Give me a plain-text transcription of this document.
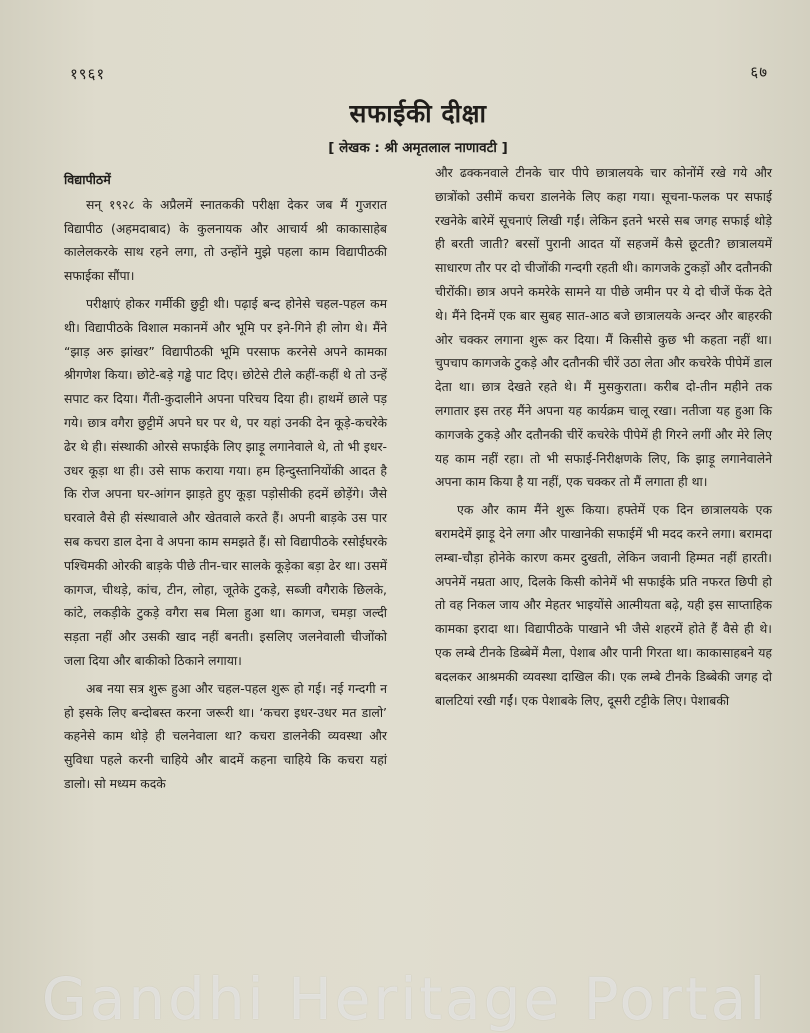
१९६१	६७
सफाईकी दीक्षा
[ लेखक : श्री अमृतलाल नाणावटी ]

विद्यापीठमें

सन् १९२८ के अप्रैलमें स्नातककी परीक्षा देकर जब मैं गुजरात विद्यापीठ (अहमदाबाद) के कुलनायक और आचार्य श्री काकासाहेब कालेलकरके साथ रहने लगा, तो उन्होंने मुझे पहला काम विद्यापीठकी सफाईका सौंपा।

परीक्षाएं होकर गर्मीकी छुट्टी थी। पढ़ाई बन्द होनेसे चहल-पहल कम थी। विद्यापीठके विशाल मकानमें और भूमि पर इने-गिने ही लोग थे। मैंने “झाड़ अरु झांखर” विद्यापीठकी भूमि परसाफ करनेसे अपने कामका श्रीगणेश किया। छोटे-बड़े गड्ढे पाट दिए। छोटेसे टीले कहीं-कहीं थे तो उन्हें सपाट कर दिया। गैंती-कुदालीने अपना परिचय दिया ही। हाथमें छाले पड़ गये। छात्र वगैरा छुट्टीमें अपने घर पर थे, पर यहां उनकी देन कूड़े-कचरेके ढेर थे ही। संस्थाकी ओरसे सफाईके लिए झाड़ू लगानेवाले थे, तो भी इधर-उधर कूड़ा था ही। उसे साफ कराया गया। हम हिन्दुस्तानियोंकी आदत है कि रोज अपना घर-आंगन झाड़ते हुए कूड़ा पड़ोसीकी हदमें छोड़ेंगे। जैसे घरवाले वैसे ही संस्थावाले और खेतवाले करते हैं। अपनी बाड़के उस पार सब कचरा डाल देना वे अपना काम समझते हैं। सो विद्यापीठके रसोईघरके पश्चिमकी ओरकी बाड़के पीछे तीन-चार सालके कूड़ेका बड़ा ढेर था। उसमें कागज, चीथड़े, कांच, टीन, लोहा, जूतेके टुकड़े, सब्जी वगैराके छिलके, कांटे, लकड़ीके टुकड़े वगैरा सब मिला हुआ था। कागज, चमड़ा जल्दी सड़ता नहीं और उसकी खाद नहीं बनती। इसलिए जलनेवाली चीजोंको जला दिया और बाकीको ठिकाने लगाया।

अब नया सत्र शुरू हुआ और चहल-पहल शुरू हो गई। नई गन्दगी न हो इसके लिए बन्दोबस्त करना जरूरी था। ‘कचरा इधर-उधर मत डालो’ कहनेसे काम थोड़े ही चलनेवाला था? कचरा डालनेकी व्यवस्था और सुविधा पहले करनी चाहिये और बादमें कहना चाहिये कि कचरा यहां डालो। सो मध्यम कदके

और ढक्कनवाले टीनके चार पीपे छात्रालयके चार कोनोंमें रखे गये और छात्रोंको उसीमें कचरा डालनेके लिए कहा गया। सूचना-फलक पर सफाई रखनेके बारेमें सूचनाएं लिखी गईं। लेकिन इतने भरसे सब जगह सफाई थोड़े ही बरती जाती? बरसों पुरानी आदत यों सहजमें कैसे छूटती? छात्रालयमें साधारण तौर पर दो चीजोंकी गन्दगी रहती थी। कागजके टुकड़ों और दतौनकी चीरोंकी। छात्र अपने कमरेके सामने या पीछे जमीन पर ये दो चीजें फेंक देते थे। मैंने दिनमें एक बार सुबह सात-आठ बजे छात्रालयके अन्दर और बाहरकी ओर चक्कर लगाना शुरू कर दिया। मैं किसीसे कुछ भी कहता नहीं था। चुपचाप कागजके टुकड़े और दतौनकी चीरें उठा लेता और कचरेके पीपेमें डाल देता था। छात्र देखते रहते थे। मैं मुसकुराता। करीब दो-तीन महीने तक लगातार इस तरह मैंने अपना यह कार्यक्रम चालू रखा। नतीजा यह हुआ कि कागजके टुकड़े और दतौनकी चीरें कचरेके पीपेमें ही गिरने लगीं और मेरे लिए यह काम नहीं रहा। तो भी सफाई-निरीक्षणके लिए, कि झाड़ू लगानेवालेने अपना काम किया है या नहीं, एक चक्कर तो मैं लगाता ही था।

एक और काम मैंने शुरू किया। हफ्तेमें एक दिन छात्रालयके एक बरामदेमें झाड़ू देने लगा और पाखानेकी सफाईमें भी मदद करने लगा। बरामदा लम्बा-चौड़ा होनेके कारण कमर दुखती, लेकिन जवानी हिम्मत नहीं हारती। अपनेमें नम्रता आए, दिलके किसी कोनेमें भी सफाईके प्रति नफरत छिपी हो तो वह निकल जाय और मेहतर भाइयोंसे आत्मीयता बढ़े, यही इस साप्ताहिक कामका इरादा था। विद्यापीठके पाखाने भी जैसे शहरमें होते हैं वैसे ही थे। एक लम्बे टीनके डिब्बेमें मैला, पेशाब और पानी गिरता था। काकासाहबने यह बदलकर आश्रमकी व्यवस्था दाखिल की। एक लम्बे टीनके डिब्बेकी जगह दो बालटियां रखी गईं। एक पेशाबके लिए, दूसरी टट्टीके लिए। पेशाबकी

Gandhi Heritage Portal
